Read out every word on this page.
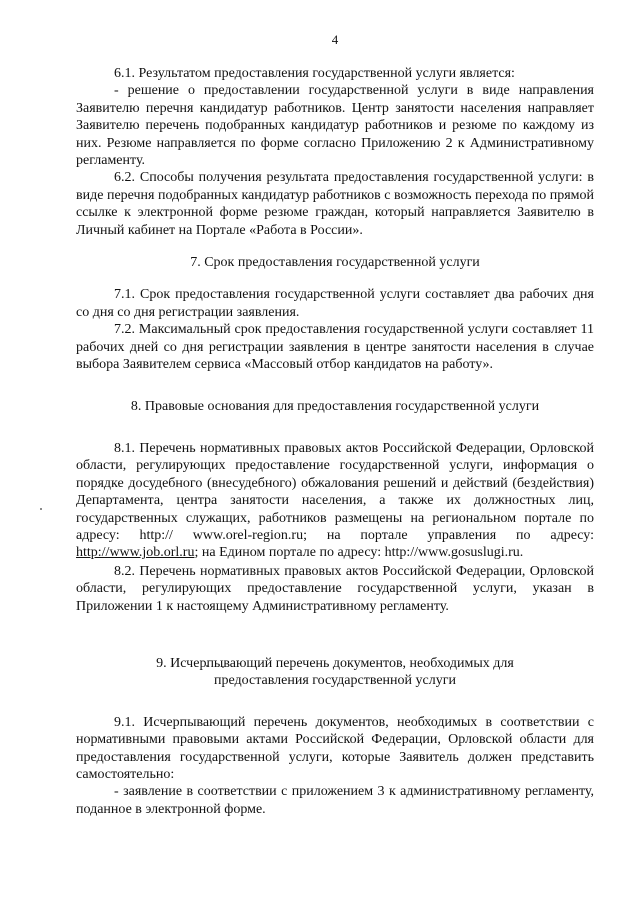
4

6.1. Результатом предоставления государственной услуги является:

- решение о предоставлении государственной услуги в виде направления Заявителю перечня кандидатур работников. Центр занятости населения направляет Заявителю перечень подобранных кандидатур работников и резюме по каждому из них. Резюме направляется по форме согласно Приложению 2 к Административному регламенту.

6.2. Способы получения результата предоставления государственной услуги: в виде перечня подобранных кандидатур работников с возможность перехода по прямой ссылке к электронной форме резюме граждан, который направляется Заявителю в Личный кабинет на Портале «Работа в России».

7. Срок предоставления государственной услуги

7.1. Срок предоставления государственной услуги составляет два рабочих дня со дня со дня регистрации заявления.

7.2. Максимальный срок предоставления государственной услуги составляет 11 рабочих дней со дня регистрации заявления в центре занятости населения в случае выбора Заявителем сервиса «Массовый отбор кандидатов на работу».

8. Правовые основания для предоставления государственной услуги

8.1. Перечень нормативных правовых актов Российской Федерации, Орловской области, регулирующих предоставление государственной услуги, информация о порядке досудебного (внесудебного) обжалования решений и действий (бездействия) Департамента, центра занятости населения, а также их должностных лиц, государственных служащих, работников размещены на региональном портале по адресу: http:// www.orel-region.ru; на портале управления по адресу: http://www.job.orl.ru; на Едином портале по адресу: http://www.gosuslugi.ru.

8.2. Перечень нормативных правовых актов Российской Федерации, Орловской области, регулирующих предоставление государственной услуги, указан в Приложении 1 к настоящему Административному регламенту.

9. Исчерпывающий перечень документов, необходимых для
предоставления государственной услуги

9.1. Исчерпывающий перечень документов, необходимых в соответствии с нормативными правовыми актами Российской Федерации, Орловской области для предоставления государственной услуги, которые Заявитель должен представить самостоятельно:

- заявление в соответствии с приложением 3 к административному регламенту, поданное в электронной форме.
